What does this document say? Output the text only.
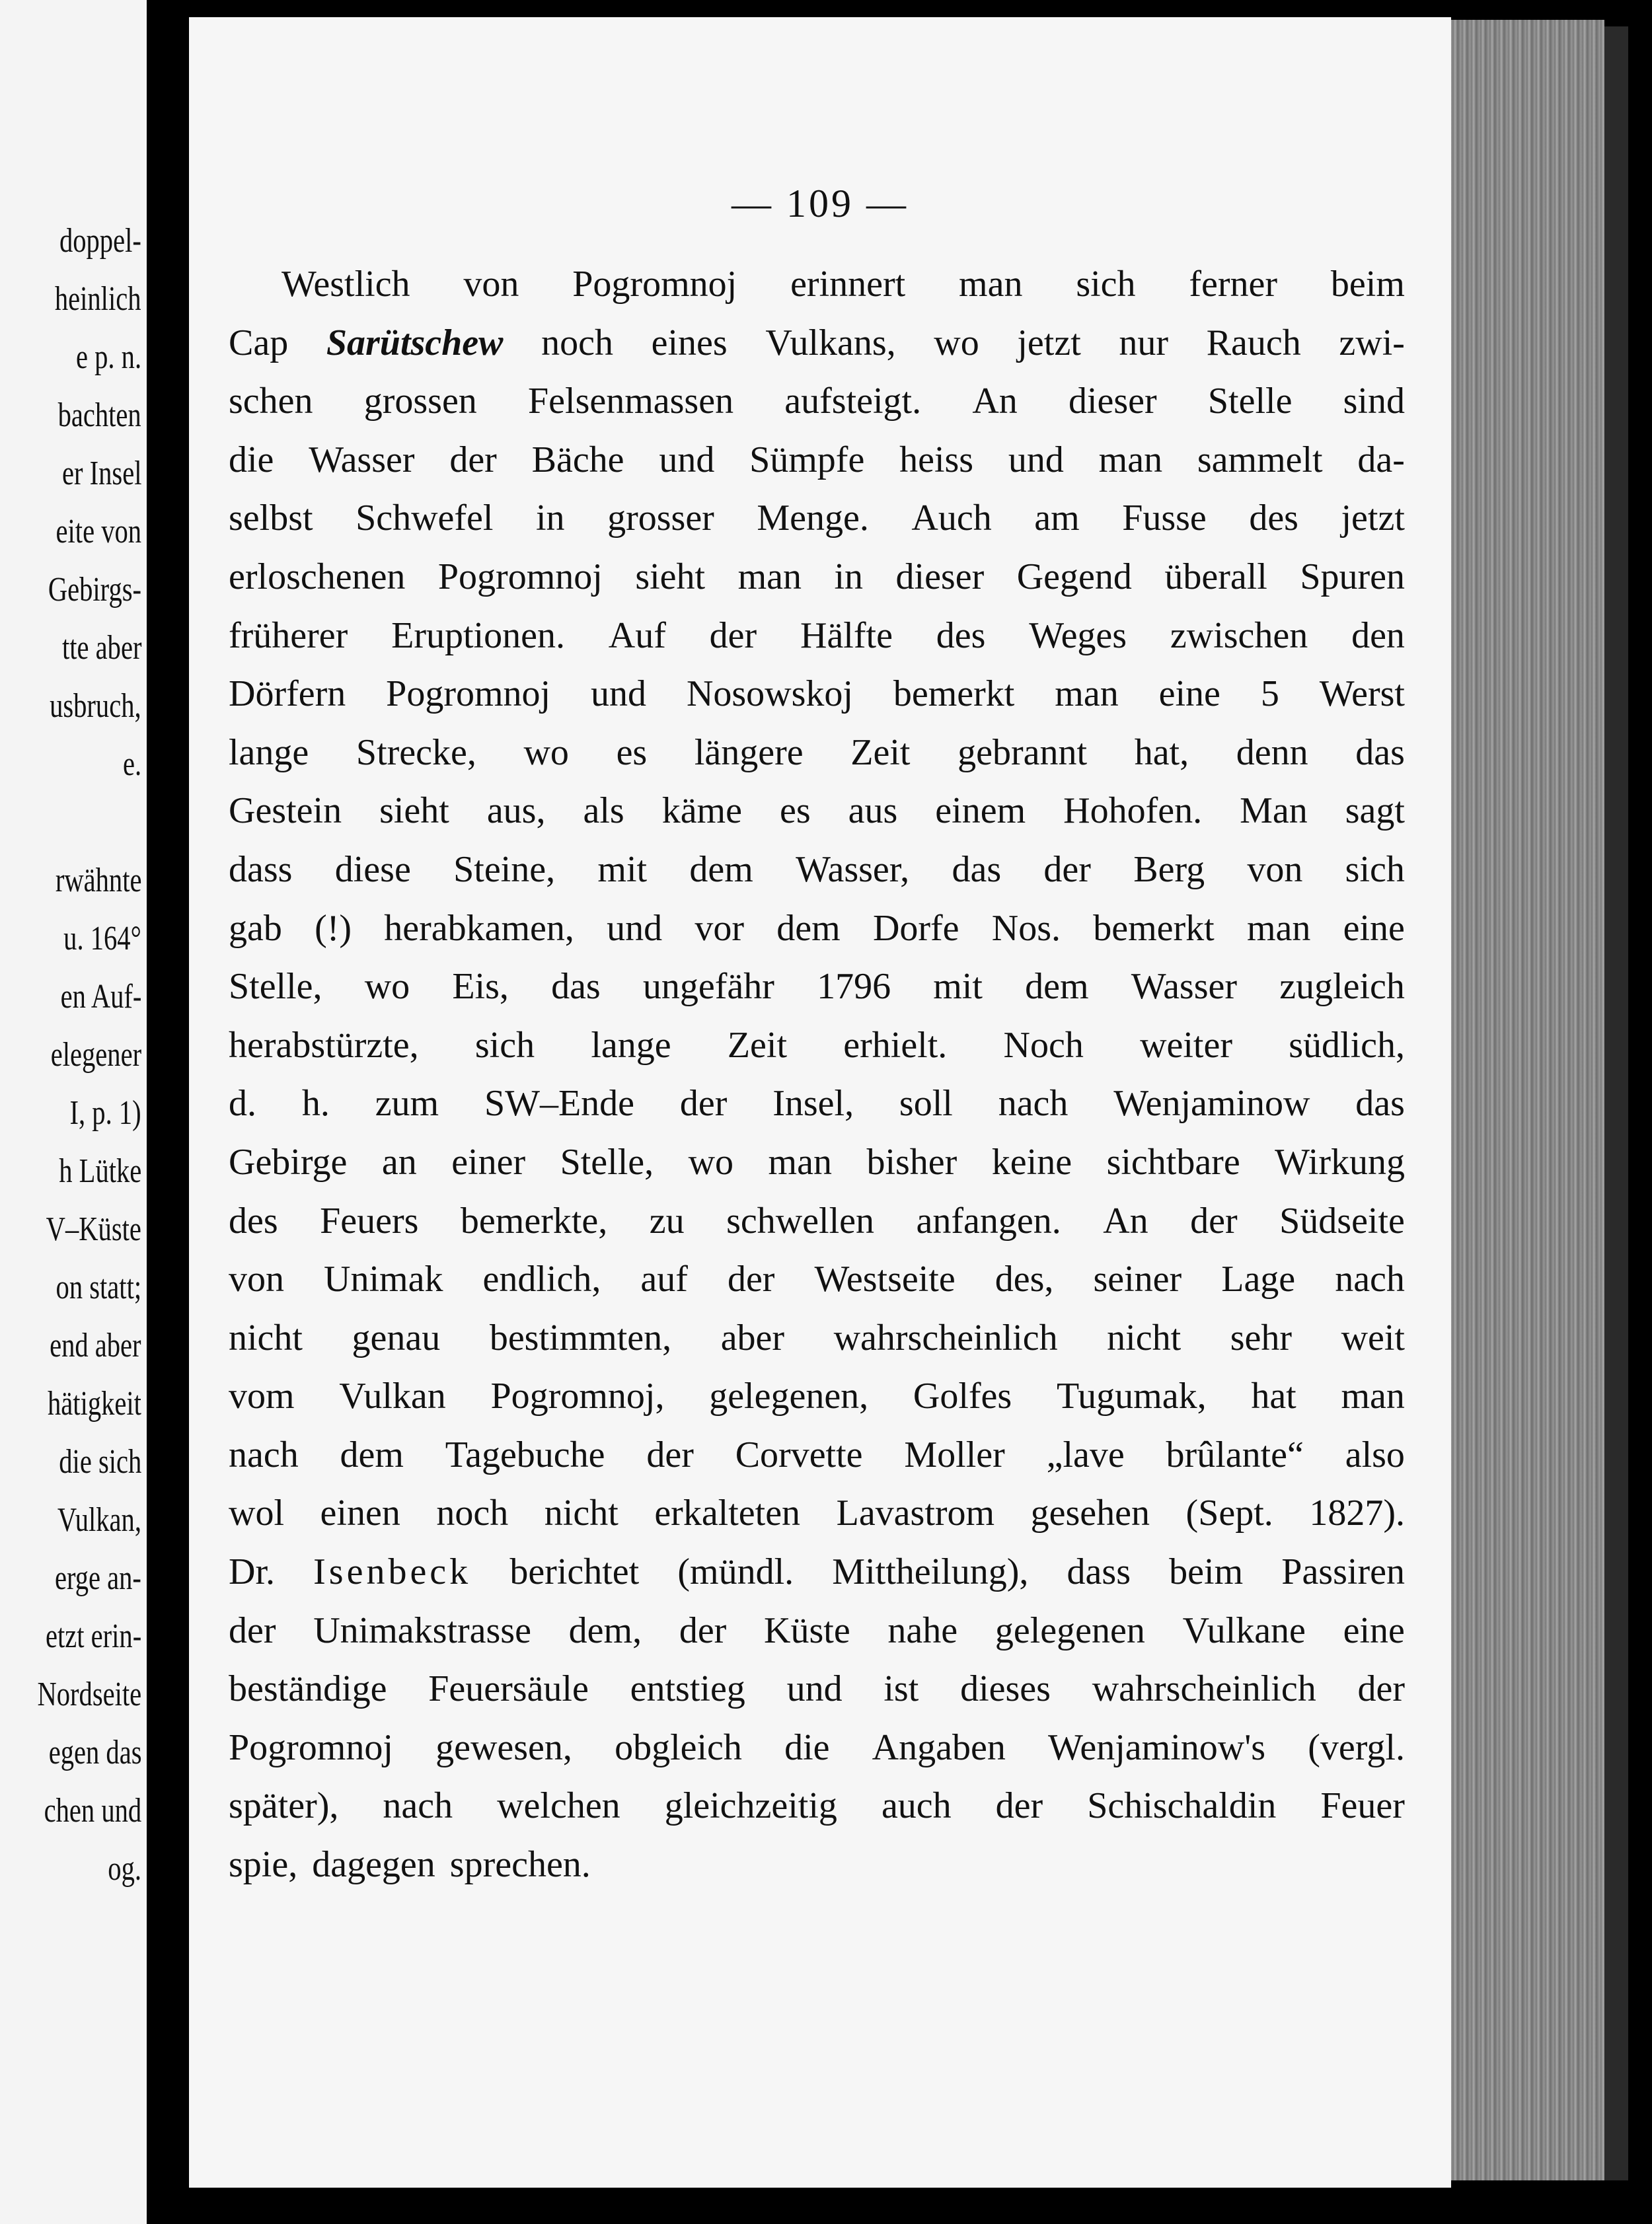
doppel-
heinlich
e p. n.
bachten
er Insel
eite von
Gebirgs-
tte aber
usbruch,
e.
rwähnte
u. 164°
en Auf-
elegener
I, p. 1)
h Lütke
V–Küste
on statt;
end aber
hätigkeit
die sich
Vulkan,
erge an-
etzt erin-
Nordseite
egen das
chen und
og.
— 109 —
Westlich von Pogromnoj erinnert man sich ferner beim
Cap Sarütschew noch eines Vulkans, wo jetzt nur Rauch zwi-
schen grossen Felsenmassen aufsteigt. An dieser Stelle sind
die Wasser der Bäche und Sümpfe heiss und man sammelt da-
selbst Schwefel in grosser Menge. Auch am Fusse des jetzt
erloschenen Pogromnoj sieht man in dieser Gegend überall Spuren
früherer Eruptionen. Auf der Hälfte des Weges zwischen den
Dörfern Pogromnoj und Nosowskoj bemerkt man eine 5 Werst
lange Strecke, wo es längere Zeit gebrannt hat, denn das
Gestein sieht aus, als käme es aus einem Hohofen. Man sagt
dass diese Steine, mit dem Wasser, das der Berg von sich
gab (!) herabkamen, und vor dem Dorfe Nos. bemerkt man eine
Stelle, wo Eis, das ungefähr 1796 mit dem Wasser zugleich
herabstürzte, sich lange Zeit erhielt. Noch weiter südlich,
d. h. zum SW–Ende der Insel, soll nach Wenjaminow das
Gebirge an einer Stelle, wo man bisher keine sichtbare Wirkung
des Feuers bemerkte, zu schwellen anfangen. An der Südseite
von Unimak endlich, auf der Westseite des, seiner Lage nach
nicht genau bestimmten, aber wahrscheinlich nicht sehr weit
vom Vulkan Pogromnoj, gelegenen, Golfes Tugumak, hat man
nach dem Tagebuche der Corvette Moller „lave brûlante“ also
wol einen noch nicht erkalteten Lavastrom gesehen (Sept. 1827).
Dr. Isenbeck berichtet (mündl. Mittheilung), dass beim Passiren
der Unimakstrasse dem, der Küste nahe gelegenen Vulkane eine
beständige Feuersäule entstieg und ist dieses wahrscheinlich der
Pogromnoj gewesen, obgleich die Angaben Wenjaminow's (vergl.
später), nach welchen gleichzeitig auch der Schischaldin Feuer
spie, dagegen sprechen.
